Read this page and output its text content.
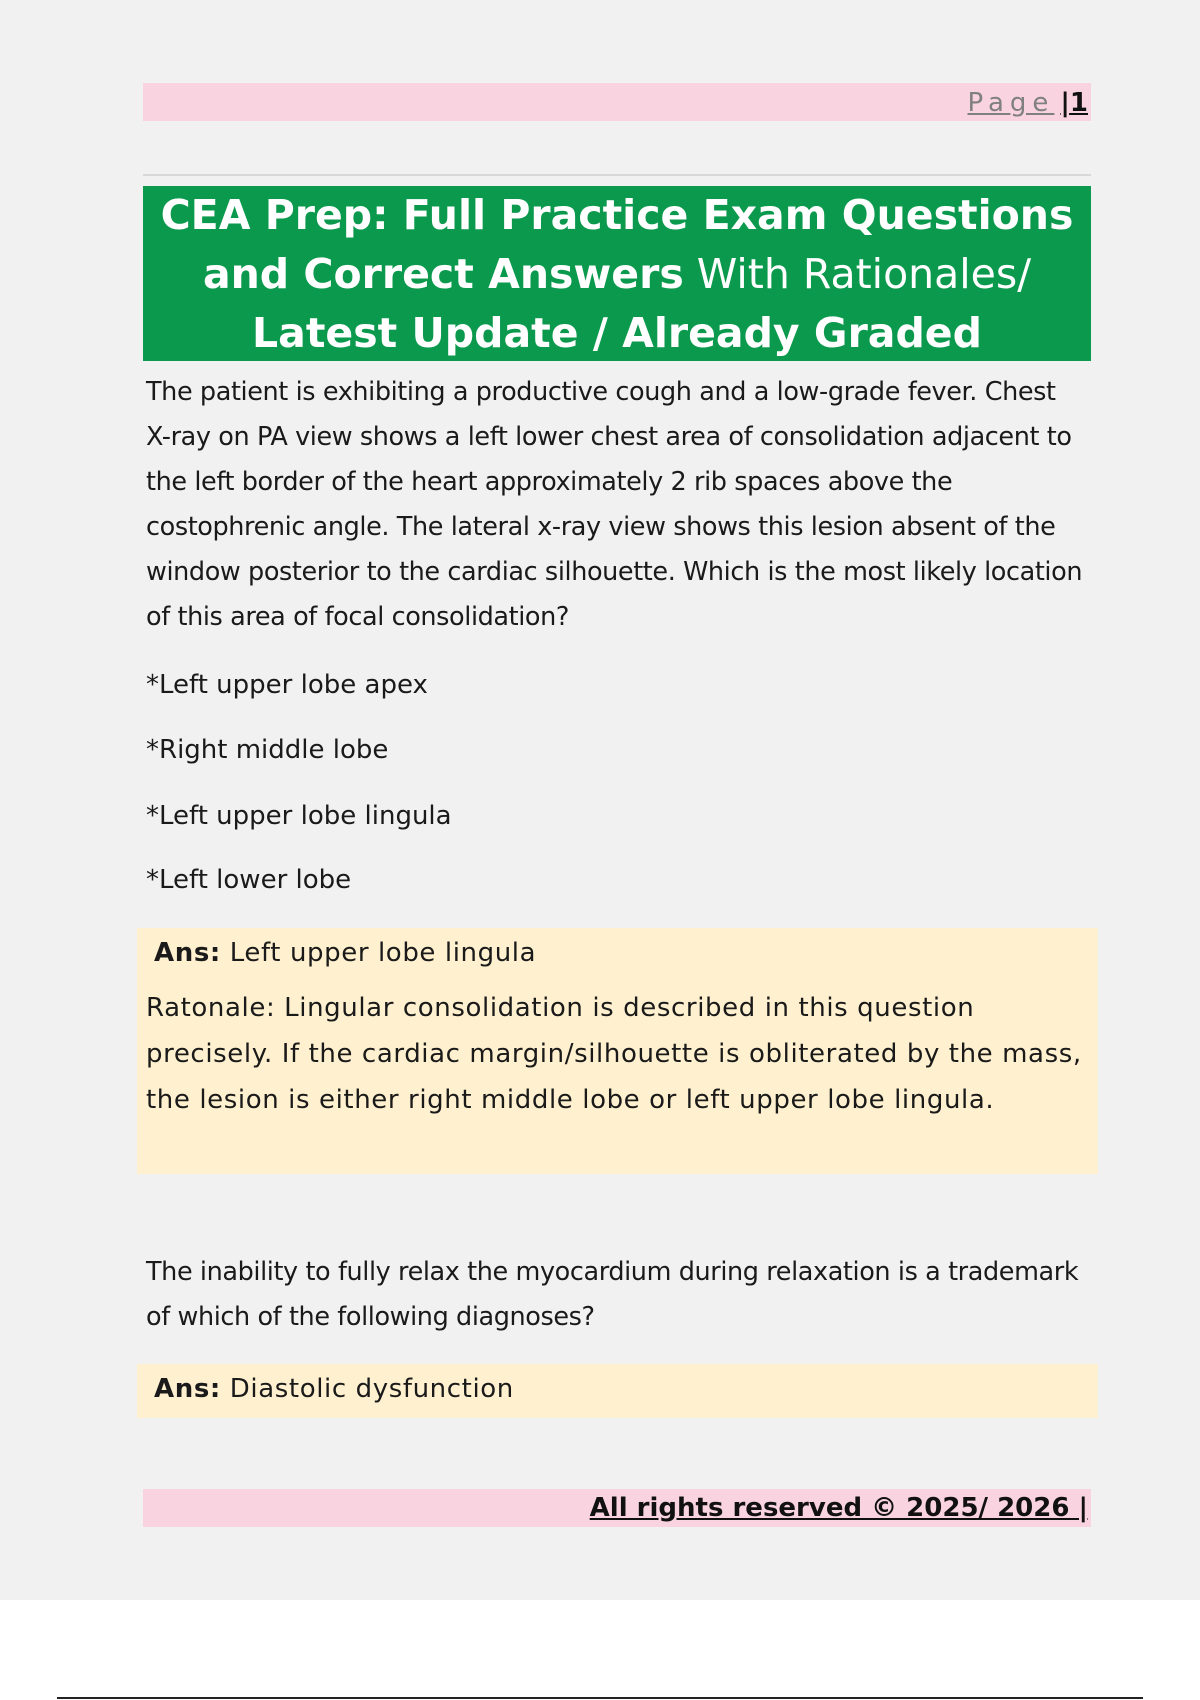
Page |1
CEA Prep: Full Practice Exam Questions
and Correct Answers With Rationales/
Latest Update / Already Graded
The patient is exhibiting a productive cough and a low-grade fever. Chest X-ray on PA view shows a left lower chest area of consolidation adjacent to the left border of the heart approximately 2 rib spaces above the costophrenic angle. The lateral x-ray view shows this lesion absent of the window posterior to the cardiac silhouette. Which is the most likely location of this area of focal consolidation?
*Left upper lobe apex
*Right middle lobe
*Left upper lobe lingula
*Left lower lobe
Ans: Left upper lobe lingula
Ratonale: Lingular consolidation is described in this question precisely. If the cardiac margin/silhouette is obliterated by the mass, the lesion is either right middle lobe or left upper lobe lingula.
The inability to fully relax the myocardium during relaxation is a trademark of which of the following diagnoses?
Ans: Diastolic dysfunction
All rights reserved © 2025/ 2026 |
